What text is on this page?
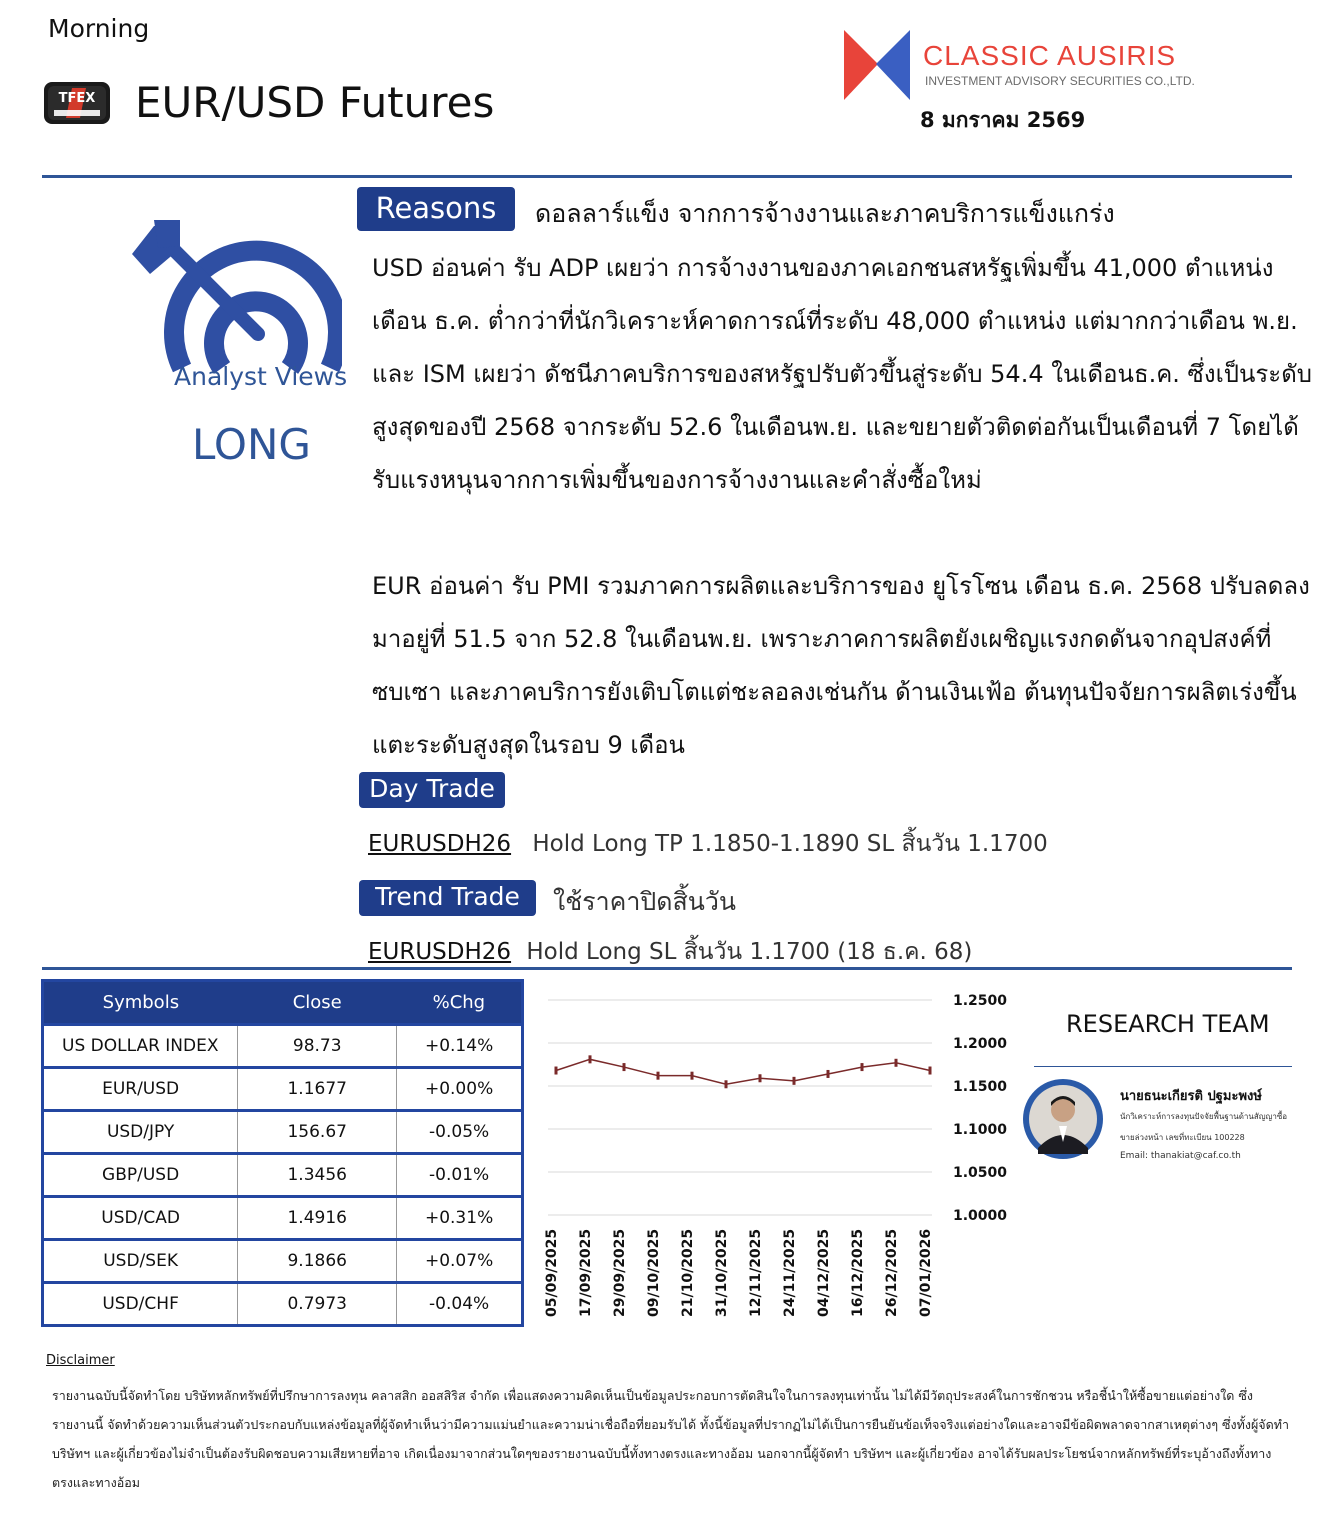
Morning
TFEX EUR/USD Futures
CLASSIC AUSIRIS
INVESTMENT ADVISORY SECURITIES CO.,LTD.
8 มกราคม 2569
Analyst Views
LONG
Reasons	ดอลลาร์แข็ง จากการจ้างงานและภาคบริการแข็งแกร่ง
USD อ่อนค่า รับ ADP เผยว่า การจ้างงานของภาคเอกชนสหรัฐเพิ่มขึ้น 41,000 ตำแหน่ง เดือน ธ.ค. ต่ำกว่าที่นักวิเคราะห์คาดการณ์ที่ระดับ 48,000 ตำแหน่ง แต่มากกว่าเดือน พ.ย. และ ISM เผยว่า ดัชนีภาคบริการของสหรัฐปรับตัวขึ้นสู่ระดับ 54.4 ในเดือนธ.ค. ซึ่งเป็นระดับสูงสุดของปี 2568 จากระดับ 52.6 ในเดือนพ.ย. และขยายตัวติดต่อกันเป็นเดือนที่ 7 โดยได้รับแรงหนุนจากการเพิ่มขึ้นของการจ้างงานและคำสั่งซื้อใหม่
EUR อ่อนค่า รับ PMI รวมภาคการผลิตและบริการของ ยูโรโซน เดือน ธ.ค. 2568 ปรับลดลงมาอยู่ที่ 51.5 จาก 52.8 ในเดือนพ.ย. เพราะภาคการผลิตยังเผชิญแรงกดดันจากอุปสงค์ที่ซบเซา และภาคบริการยังเติบโตแต่ชะลอลงเช่นกัน ด้านเงินเฟ้อ ต้นทุนปัจจัยการผลิตเร่งขึ้นแตะระดับสูงสุดในรอบ 9 เดือน
Day Trade
EURUSDH26 Hold Long TP 1.1850-1.1890 SL สิ้นวัน 1.1700
Trend Trade	ใช้ราคาปิดสิ้นวัน
EURUSDH26 Hold Long SL สิ้นวัน 1.1700 (18 ธ.ค. 68)
Symbols	Close	%Chg
US DOLLAR INDEX	98.73	+0.14%
EUR/USD	1.1677	+0.00%
USD/JPY	156.67	-0.05%
GBP/USD	1.3456	-0.01%
USD/CAD	1.4916	+0.31%
USD/SEK	9.1866	+0.07%
USD/CHF	0.7973	-0.04%
1.2500
1.2000
1.1500
1.1000
1.0500
1.0000
05/09/2025 17/09/2025 29/09/2025 09/10/2025 21/10/2025 31/10/2025 12/11/2025 24/11/2025 04/12/2025 16/12/2025 26/12/2025 07/01/2026
RESEARCH TEAM
นายธนะเกียรติ ปฐมะพงษ์
นักวิเคราะห์การลงทุนปัจจัยพื้นฐานด้านสัญญาซื้อ
ขายล่วงหน้า เลขที่ทะเบียน 100228
Email: thanakiat@caf.co.th
Disclaimer
รายงานฉบับนี้จัดทำโดย บริษัทหลักทรัพย์ที่ปรึกษาการลงทุน คลาสสิก ออสสิริส จำกัด เพื่อแสดงความคิดเห็นเป็นข้อมูลประกอบการตัดสินใจในการลงทุนเท่านั้น ไม่ได้มีวัตถุประสงค์ในการชักชวน หรือชี้นำให้ซื้อขายแต่อย่างใด ซึ่งรายงานนี้ จัดทำด้วยความเห็นส่วนตัวประกอบกับแหล่งข้อมูลที่ผู้จัดทำเห็นว่ามีความแม่นยำและความน่าเชื่อถือที่ยอมรับได้ ทั้งนี้ข้อมูลที่ปรากฏไม่ได้เป็นการยืนยันข้อเท็จจริงแต่อย่างใดและอาจมีข้อผิดพลาดจากสาเหตุต่างๆ ซึ่งทั้งผู้จัดทำ บริษัทฯ และผู้เกี่ยวข้องไม่จำเป็นต้องรับผิดชอบความเสียหายที่อาจ เกิดเนื่องมาจากส่วนใดๆของรายงานฉบับนี้ทั้งทางตรงและทางอ้อม นอกจากนี้ผู้จัดทำ บริษัทฯ และผู้เกี่ยวข้อง อาจได้รับผลประโยชน์จากหลักทรัพย์ที่ระบุอ้างถึงทั้งทางตรงและทางอ้อม
